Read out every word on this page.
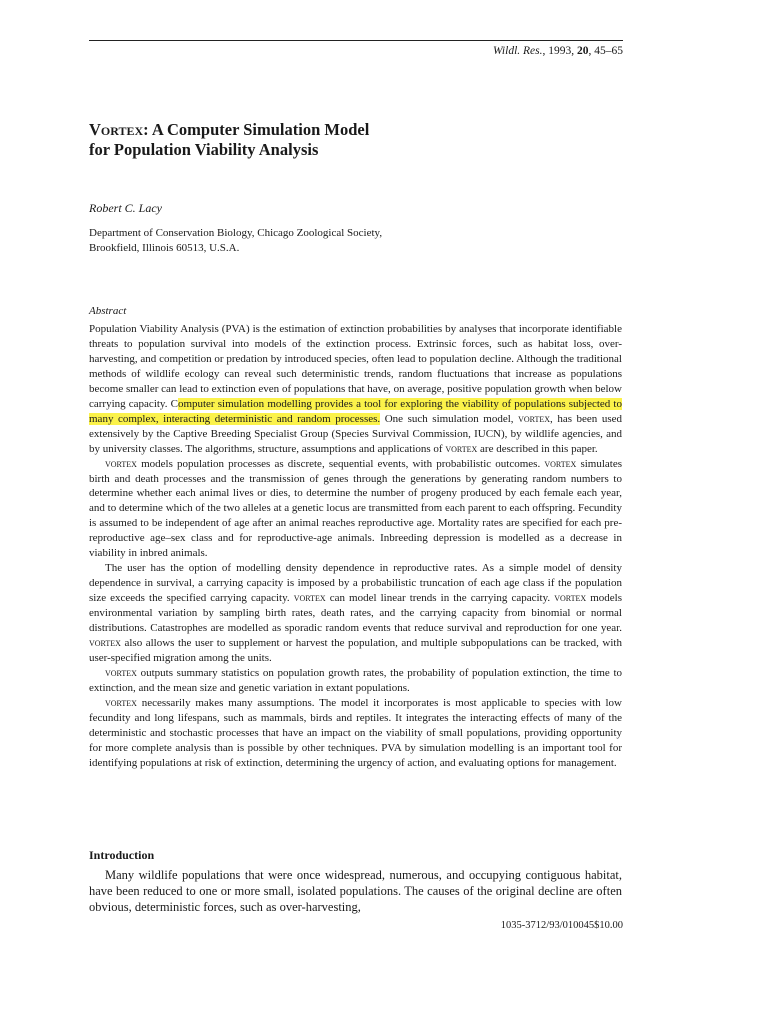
Wildl. Res., 1993, 20, 45–65
Vortex: A Computer Simulation Model
for Population Viability Analysis
Robert C. Lacy
Department of Conservation Biology, Chicago Zoological Society,
Brookfield, Illinois 60513, U.S.A.
Abstract

Population Viability Analysis (PVA) is the estimation of extinction probabilities by analyses that incorporate identifiable threats to population survival into models of the extinction process. Extrinsic forces, such as habitat loss, over-harvesting, and competition or predation by introduced species, often lead to population decline. Although the traditional methods of wildlife ecology can reveal such deterministic trends, random fluctuations that increase as populations become smaller can lead to extinction even of populations that have, on average, positive population growth when below carrying capacity. Computer simulation modelling provides a tool for exploring the viability of populations subjected to many complex, interacting deterministic and random processes. One such simulation model, vortex, has been used extensively by the Captive Breeding Specialist Group (Species Survival Commission, IUCN), by wildlife agencies, and by university classes. The algorithms, structure, assumptions and applications of vortex are described in this paper.

vortex models population processes as discrete, sequential events, with probabilistic outcomes. vortex simulates birth and death processes and the transmission of genes through the generations by generating random numbers to determine whether each animal lives or dies, to determine the number of progeny produced by each female each year, and to determine which of the two alleles at a genetic locus are transmitted from each parent to each offspring. Fecundity is assumed to be independent of age after an animal reaches reproductive age. Mortality rates are specified for each pre-reproductive age–sex class and for reproductive-age animals. Inbreeding depression is modelled as a decrease in viability in inbred animals.

The user has the option of modelling density dependence in reproductive rates. As a simple model of density dependence in survival, a carrying capacity is imposed by a probabilistic truncation of each age class if the population size exceeds the specified carrying capacity. vortex can model linear trends in the carrying capacity. vortex models environmental variation by sampling birth rates, death rates, and the carrying capacity from binomial or normal distributions. Catastrophes are modelled as sporadic random events that reduce survival and reproduction for one year. vortex also allows the user to supplement or harvest the population, and multiple subpopulations can be tracked, with user-specified migration among the units.

vortex outputs summary statistics on population growth rates, the probability of population extinction, the time to extinction, and the mean size and genetic variation in extant populations.

vortex necessarily makes many assumptions. The model it incorporates is most applicable to species with low fecundity and long lifespans, such as mammals, birds and reptiles. It integrates the interacting effects of many of the deterministic and stochastic processes that have an impact on the viability of small populations, providing opportunity for more complete analysis than is possible by other techniques. PVA by simulation modelling is an important tool for identifying populations at risk of extinction, determining the urgency of action, and evaluating options for management.

Introduction

Many wildlife populations that were once widespread, numerous, and occupying contiguous habitat, have been reduced to one or more small, isolated populations. The causes of the original decline are often obvious, deterministic forces, such as over-harvesting,

1035-3712/93/010045$10.00
